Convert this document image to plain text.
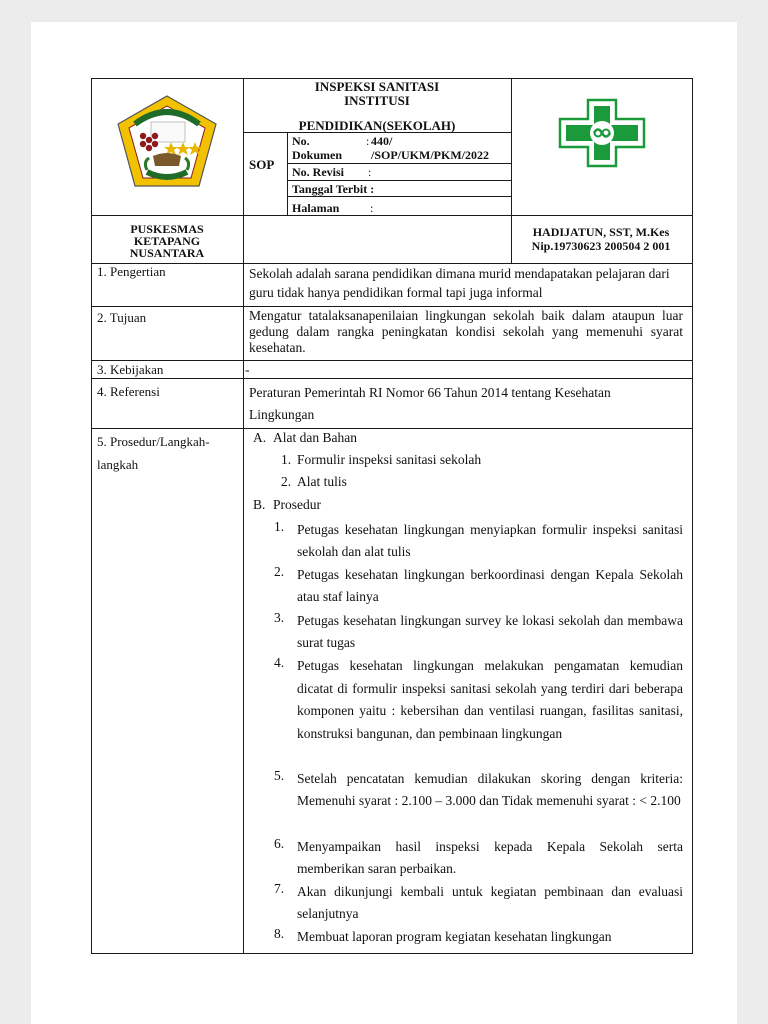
INSPEKSI SANITASI
INSTITUSI
PENDIDIKAN(SEKOLAH)
SOP
No. Dokumen
: 440/ /SOP/UKM/PKM/2022
No. Revisi :
Tanggal Terbit :
Halaman	:
PUSKESMAS KETAPANG NUSANTARA
HADIJATUN, SST, M.Kes
Nip.19730623 200504 2 001
1. Pengertian
2. Tujuan
3. Kebijakan
4. Referensi
5. Prosedur/Langkah-langkah
Sekolah adalah sarana pendidikan dimana murid mendapatakan pelajaran dari guru tidak hanya pendidikan formal tapi juga informal
Mengatur tatalaksanapenilaian lingkungan sekolah baik dalam ataupun luar gedung dalam rangka peningkatan kondisi sekolah yang memenuhi syarat kesehatan.
-
Peraturan Pemerintah RI Nomor 66 Tahun 2014 tentang Kesehatan Lingkungan
A. Alat dan Bahan
1. Formulir inspeksi sanitasi sekolah
2. Alat tulis
B. Prosedur
1. Petugas kesehatan lingkungan menyiapkan formulir inspeksi sanitasi sekolah dan alat tulis
2. Petugas kesehatan lingkungan berkoordinasi dengan Kepala Sekolah atau staf lainya
3. Petugas kesehatan lingkungan survey ke lokasi sekolah dan membawa surat tugas
4. Petugas kesehatan lingkungan melakukan pengamatan kemudian dicatat di formulir inspeksi sanitasi sekolah yang terdiri dari beberapa komponen yaitu : kebersihan dan ventilasi ruangan, fasilitas sanitasi, konstruksi bangunan, dan pembinaan lingkungan
5. Setelah pencatatan kemudian dilakukan skoring dengan kriteria: Memenuhi syarat : 2.100 – 3.000 dan Tidak memenuhi syarat : < 2.100
6. Menyampaikan hasil inspeksi kepada Kepala Sekolah serta memberikan saran perbaikan.
7. Akan dikunjungi kembali untuk kegiatan pembinaan dan evaluasi selanjutnya
8. Membuat laporan program kegiatan kesehatan lingkungan
